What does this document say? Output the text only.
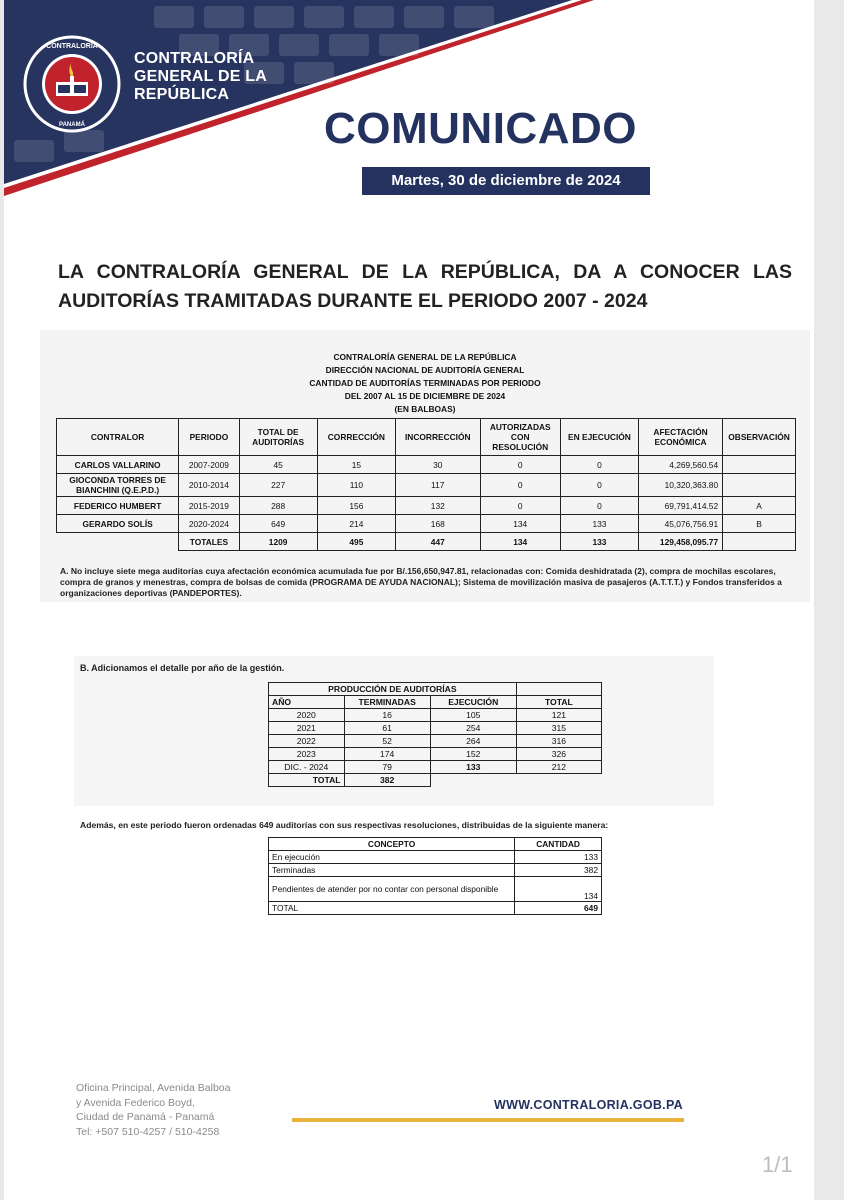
CONTRALORÍA
PANAMÁ
CONTRALORÍA
GENERAL DE LA
REPÚBLICA
COMUNICADO
Martes, 30 de diciembre de 2024
LA CONTRALORÍA GENERAL DE LA REPÚBLICA, DA A CONOCER LAS AUDITORÍAS TRAMITADAS DURANTE EL PERIODO 2007 - 2024
CONTRALORÍA GENERAL DE LA REPÚBLICA
DIRECCIÓN NACIONAL DE AUDITORÍA GENERAL
CANTIDAD DE AUDITORÍAS TERMINADAS POR PERIODO
DEL 2007 AL 15 DE DICIEMBRE DE 2024
(EN BALBOAS)
CONTRALOR	PERIODO	TOTAL DE AUDITORÍAS	CORRECCIÓN	INCORRECCIÓN	AUTORIZADAS CON RESOLUCIÓN	EN EJECUCIÓN	AFECTACIÓN ECONÓMICA	OBSERVACIÓN
CARLOS VALLARINO	2007-2009	45	15	30	0	0	4,269,560.54	
GIOCONDA TORRES DE BIANCHINI (Q.E.P.D.)	2010-2014	227	110	117	0	0	10,320,363.80	
FEDERICO HUMBERT	2015-2019	288	156	132	0	0	69,791,414.52	A
GERARDO SOLÍS	2020-2024	649	214	168	134	133	45,076,756.91	B
	TOTALES	1209	495	447	134	133	129,458,095.77	
A. No incluye siete mega auditorías cuya afectación económica acumulada fue por B/.156,650,947.81, relacionadas con: Comida deshidratada (2), compra de mochilas escolares, compra de granos y menestras, compra de bolsas de comida (PROGRAMA DE AYUDA NACIONAL); Sistema de movilización masiva de pasajeros (A.T.T.T.) y Fondos transferidos a organizaciones deportivas (PANDEPORTES).
B. Adicionamos el detalle por año de la gestión.
PRODUCCIÓN DE AUDITORÍAS			
AÑO	TERMINADAS	EJECUCIÓN	TOTAL
2020	16	105	121
2021	61	254	315
2022	52	264	316
2023	174	152	326
DIC. - 2024	79	133	212
TOTAL	382		
Además, en este periodo fueron ordenadas 649 auditorías con sus respectivas resoluciones, distribuidas de la siguiente manera:
CONCEPTO	CANTIDAD
En ejecución	133
Terminadas	382
Pendientes de atender por no contar con personal disponible	134
TOTAL	649
Oficina Principal, Avenida Balboa
y Avenida Federico Boyd,
Ciudad de Panamá - Panamá
Tel: +507 510-4257 / 510-4258
WWW.CONTRALORIA.GOB.PA
1/1
